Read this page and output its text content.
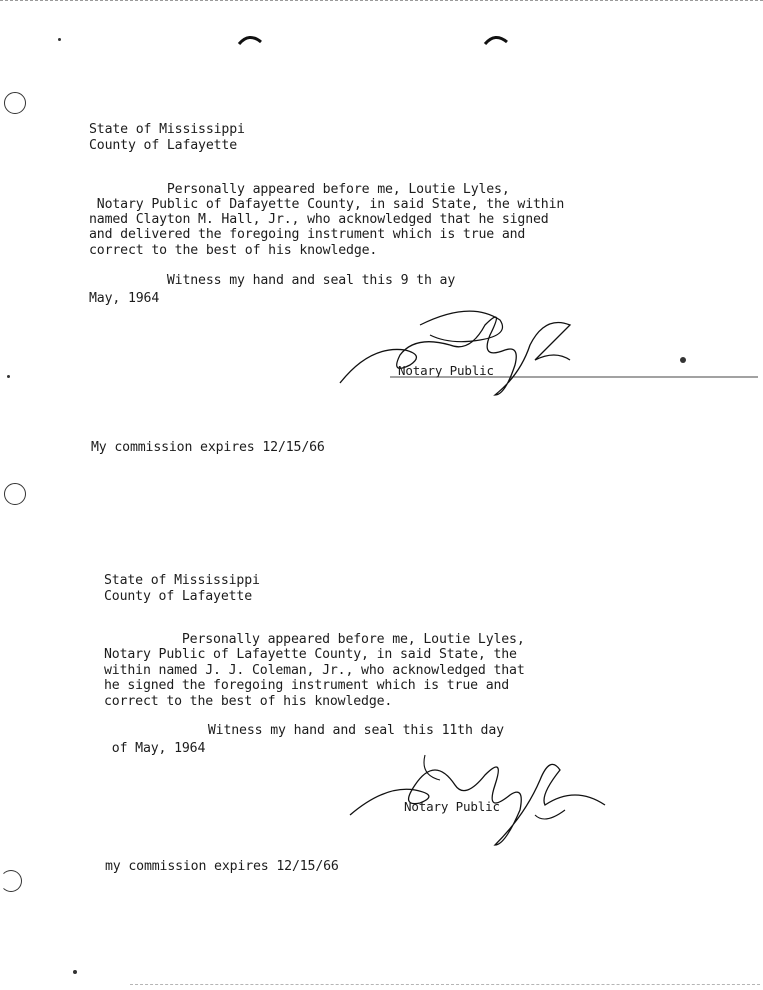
State of Mississippi
County of Lafayette
Personally appeared before me, Loutie Lyles,
Notary Public of Dafayette County, in said State, the within
named Clayton M. Hall, Jr., who acknowledged that he signed
and delivered the foregoing instrument which is true and
correct to the best of his knowledge.
Witness my hand and seal this 9 th ay
May, 1964
Notary Public
My commission expires 12/15/66
State of Mississippi
County of Lafayette
Personally appeared before me, Loutie Lyles,
Notary Public of Lafayette County, in said State, the
within named J. J. Coleman, Jr., who acknowledged that
he signed the foregoing instrument which is true and
correct to the best of his knowledge.
Witness my hand and seal this 11th day
of May, 1964
Notary Public
my commission expires 12/15/66
